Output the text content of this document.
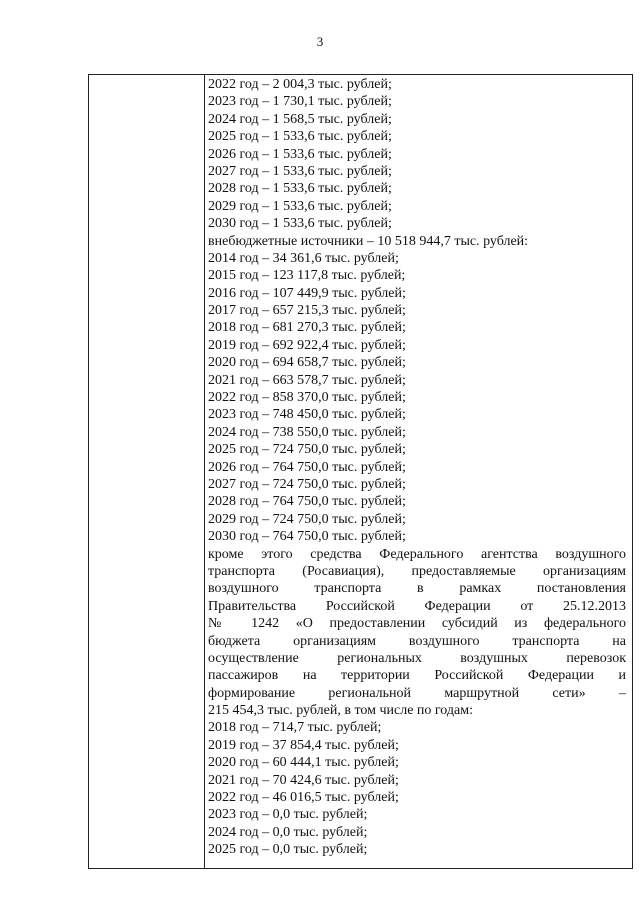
3
2022 год – 2 004,3 тыс. рублей;
2023 год – 1 730,1 тыс. рублей;
2024 год – 1 568,5 тыс. рублей;
2025 год – 1 533,6 тыс. рублей;
2026 год – 1 533,6 тыс. рублей;
2027 год – 1 533,6 тыс. рублей;
2028 год – 1 533,6 тыс. рублей;
2029 год – 1 533,6 тыс. рублей;
2030 год – 1 533,6 тыс. рублей;
внебюджетные источники – 10 518 944,7 тыс. рублей:
2014 год – 34 361,6 тыс. рублей;
2015 год – 123 117,8 тыс. рублей;
2016 год – 107 449,9 тыс. рублей;
2017 год – 657 215,3 тыс. рублей;
2018 год – 681 270,3 тыс. рублей;
2019 год – 692 922,4 тыс. рублей;
2020 год – 694 658,7 тыс. рублей;
2021 год – 663 578,7 тыс. рублей;
2022 год – 858 370,0 тыс. рублей;
2023 год – 748 450,0 тыс. рублей;
2024 год – 738 550,0 тыс. рублей;
2025 год – 724 750,0 тыс. рублей;
2026 год – 764 750,0 тыс. рублей;
2027 год – 724 750,0 тыс. рублей;
2028 год – 764 750,0 тыс. рублей;
2029 год – 724 750,0 тыс. рублей;
2030 год – 764 750,0 тыс. рублей;
кроме этого средства Федерального агентства воздушного
транспорта (Росавиация), предоставляемые организациям
воздушного транспорта в рамках постановления
Правительства Российской Федерации от 25.12.2013
№ 1242 «О предоставлении субсидий из федерального
бюджета организациям воздушного транспорта на
осуществление региональных воздушных перевозок
пассажиров на территории Российской Федерации и
формирование региональной маршрутной сети» –
215 454,3 тыс. рублей, в том числе по годам:
2018 год – 714,7 тыс. рублей;
2019 год – 37 854,4 тыс. рублей;
2020 год – 60 444,1 тыс. рублей;
2021 год – 70 424,6 тыс. рублей;
2022 год – 46 016,5 тыс. рублей;
2023 год – 0,0 тыс. рублей;
2024 год – 0,0 тыс. рублей;
2025 год – 0,0 тыс. рублей;
